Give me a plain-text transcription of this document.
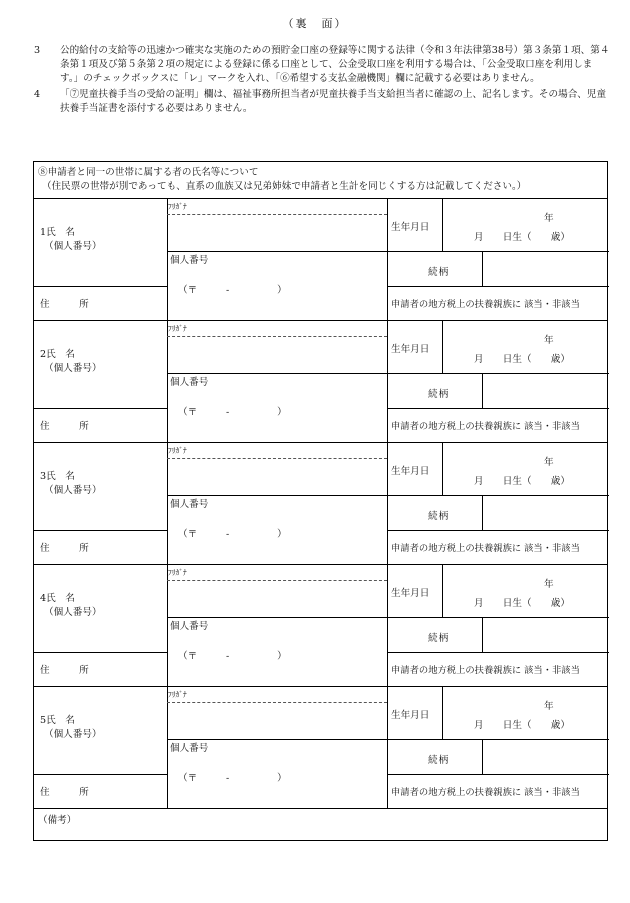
（裏　面）
3 公的給付の支給等の迅速かつ確実な実施のための預貯金口座の登録等に関する法律（令和３年法律第38号）第３条第１項、第４条第１項及び第５条第２項の規定による登録に係る口座として、公金受取口座を利用する場合は、「公金受取口座を利用します。」のチェックボックスに「レ」マークを入れ、「⑥希望する支払金融機関」欄に記載する必要はありません。
4 「⑦児童扶養手当の受給の証明」欄は、福祉事務所担当者が児童扶養手当支給担当者に確認の上、記名します。その場合、児童扶養手当証書を添付する必要はありません。
⑧申請者と同一の世帯に属する者の氏名等について
（住民票の世帯が別であっても、直系の血族又は兄弟姉妹で申請者と生計を同じくする方は記載してください。）
1氏　名
（個人番号）
ﾌﾘｶﾞﾅ
個人番号
生年月日
年
月　　日生（　　歳）
続柄
住　所
（〒　　　-　　　　　）
申請者の地方税上の扶養親族に 該当・非該当
2氏　名
（個人番号）
ﾌﾘｶﾞﾅ
個人番号
生年月日
年
月　　日生（　　歳）
続柄
住　所
（〒　　　-　　　　　）
申請者の地方税上の扶養親族に 該当・非該当
3氏　名
（個人番号）
ﾌﾘｶﾞﾅ
個人番号
生年月日
年
月　　日生（　　歳）
続柄
住　所
（〒　　　-　　　　　）
申請者の地方税上の扶養親族に 該当・非該当
4氏　名
（個人番号）
ﾌﾘｶﾞﾅ
個人番号
生年月日
年
月　　日生（　　歳）
続柄
住　所
（〒　　　-　　　　　）
申請者の地方税上の扶養親族に 該当・非該当
5氏　名
（個人番号）
ﾌﾘｶﾞﾅ
個人番号
生年月日
年
月　　日生（　　歳）
続柄
住　所
（〒　　　-　　　　　）
申請者の地方税上の扶養親族に 該当・非該当
（備考）
